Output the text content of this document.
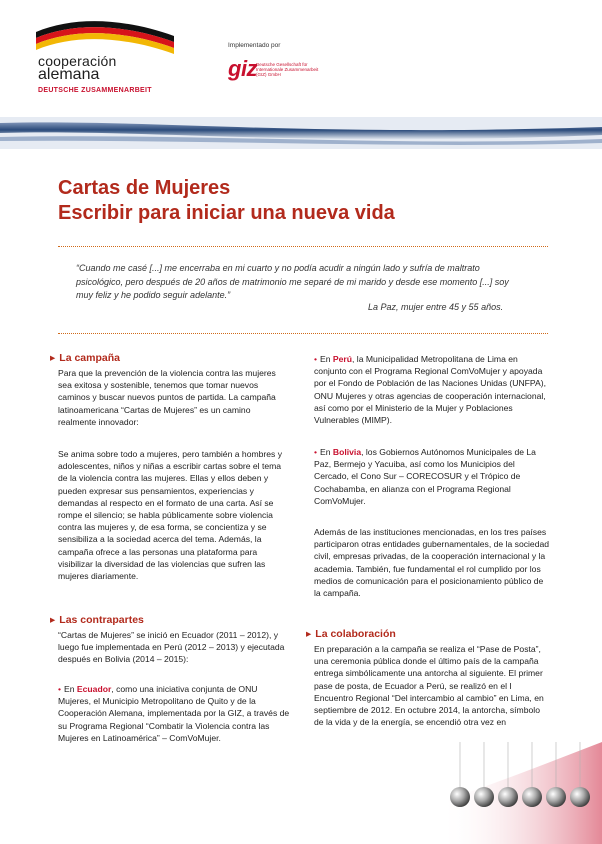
cooperación
alemana
DEUTSCHE ZUSAMMENARBEIT
Implementado por
giz
Deutsche Gesellschaft für Internationale Zusammenarbeit (GIZ) GmbH
Cartas de Mujeres
Escribir para iniciar una nueva vida
“Cuando me casé [...] me encerraba en mi cuarto y no podía acudir a ningún lado y sufría de maltrato psicológico, pero después de 20 años de matrimonio me separé de mi marido y desde ese momento [...] soy muy feliz y he podido seguir adelante.”
La Paz, mujer entre 45 y 55 años.
▸ La campaña
Para que la prevención de la violencia contra las mujeres sea exitosa y sostenible, tenemos que tomar nuevos caminos y buscar nuevos puntos de partida. La campaña latinoamericana “Cartas de Mujeres” es un camino realmente innovador:
Se anima sobre todo a mujeres, pero también a hombres y adolescentes, niños y niñas a escribir cartas sobre el tema de la violencia contra las mujeres. Ellas y ellos deben y pueden expresar sus pensamientos, experiencias y demandas al respecto en el formato de una carta. Así se rompe el silencio; se habla públicamente sobre violencia contra las mujeres y, de esa forma, se concientiza y se sensibiliza a la sociedad acerca del tema. Además, la campaña ofrece a las personas una plataforma para visibilizar la diversidad de las violencias que sufren las mujeres diariamente.
▸ Las contrapartes
“Cartas de Mujeres” se inició en Ecuador (2011 – 2012), y luego fue implementada en Perú (2012 – 2013) y ejecutada después en Bolivia (2014 – 2015):
• En Ecuador, como una iniciativa conjunta de ONU Mujeres, el Municipio Metropolitano de Quito y de la Cooperación Alemana, implementada por la GIZ, a través de su Programa Regional “Combatir la Violencia contra las Mujeres en Latinoamérica” – ComVoMujer.
• En Perú, la Municipalidad Metropolitana de Lima en conjunto con el Programa Regional ComVoMujer y apoyada por el Fondo de Población de las Naciones Unidas (UNFPA), ONU Mujeres y otras agencias de cooperación internacional, así como por el Ministerio de la Mujer y Poblaciones Vulnerables (MIMP).
• En Bolivia, los Gobiernos Autónomos Municipales de La Paz, Bermejo y Yacuiba, así como los Municipios del Cercado, el Cono Sur – CORECOSUR y el Trópico de Cochabamba, en alianza con el Programa Regional ComVoMujer.
Además de las instituciones mencionadas, en los tres países participaron otras entidades gubernamentales, de la sociedad civil, empresas privadas, de la cooperación internacional y la academia. También, fue fundamental el rol cumplido por los medios de comunicación para el posicionamiento público de la campaña.
▸ La colaboración
En preparación a la campaña se realiza el “Pase de Posta”, una ceremonia pública donde el último país de la campaña entrega simbólicamente una antorcha al siguiente. El primer pase de posta, de Ecuador a Perú, se realizó en el I Encuentro Regional “Del intercambio al cambio” en Lima, en septiembre de 2012. En octubre 2014, la antorcha, símbolo de la vida y de la energía, se encendió otra vez en
